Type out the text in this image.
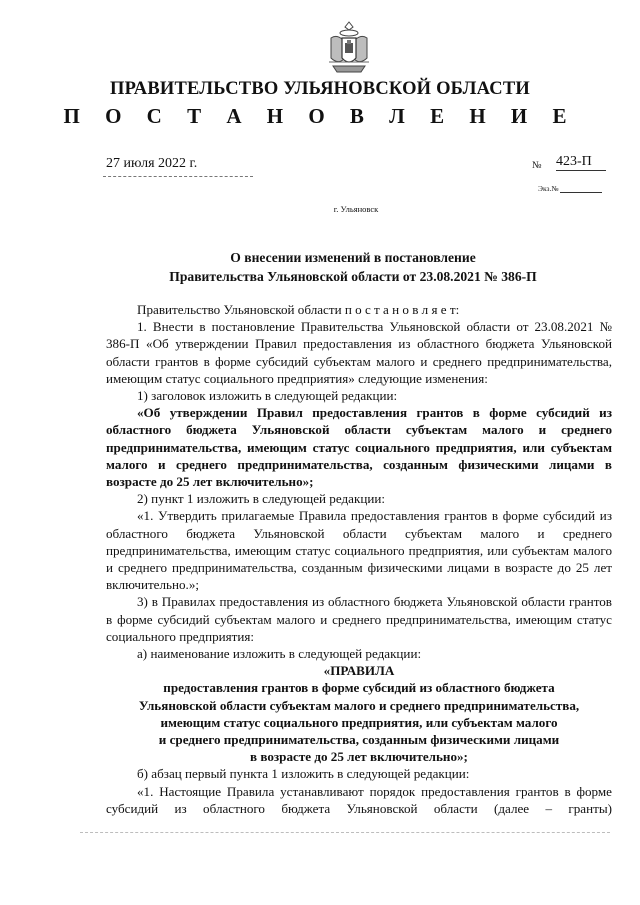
ПРАВИТЕЛЬСТВО УЛЬЯНОВСКОЙ ОБЛАСТИ
П О С Т А Н О В Л Е Н И Е
27 июля 2022 г.	№ 423-П
Экз.№
г. Ульяновск
О внесении изменений в постановление
Правительства Ульяновской области от 23.08.2021 № 386-П

Правительство Ульяновской области п о с т а н о в л я е т:

1. Внести в постановление Правительства Ульяновской области от 23.08.2021 № 386-П «Об утверждении Правил предоставления из областного бюджета Ульяновской области грантов в форме субсидий субъектам малого и среднего предпринимательства, имеющим статус социального предприятия» следующие изменения:

1) заголовок изложить в следующей редакции:

«Об утверждении Правил предоставления грантов в форме субсидий из областного бюджета Ульяновской области субъектам малого и среднего предпринимательства, имеющим статус социального предприятия, или субъектам малого и среднего предпринимательства, созданным физическими лицами в возрасте до 25 лет включительно»;

2) пункт 1 изложить в следующей редакции:

«1. Утвердить прилагаемые Правила предоставления грантов в форме субсидий из областного бюджета Ульяновской области субъектам малого и среднего предпринимательства, имеющим статус социального предприятия, или субъектам малого и среднего предпринимательства, созданным физическими лицами в возрасте до 25 лет включительно.»;

3) в Правилах предоставления из областного бюджета Ульяновской области грантов в форме субсидий субъектам малого и среднего предпринимательства, имеющим статус социального предприятия:

а) наименование изложить в следующей редакции:

«ПРАВИЛА

предоставления грантов в форме субсидий из областного бюджета

Ульяновской области субъектам малого и среднего предпринимательства,

имеющим статус социального предприятия, или субъектам малого

и среднего предпринимательства, созданным физическими лицами

в возрасте до 25 лет включительно»;

б) абзац первый пункта 1 изложить в следующей редакции:

«1. Настоящие Правила устанавливают порядок предоставления грантов в форме субсидий из областного бюджета Ульяновской области (далее – гранты)
